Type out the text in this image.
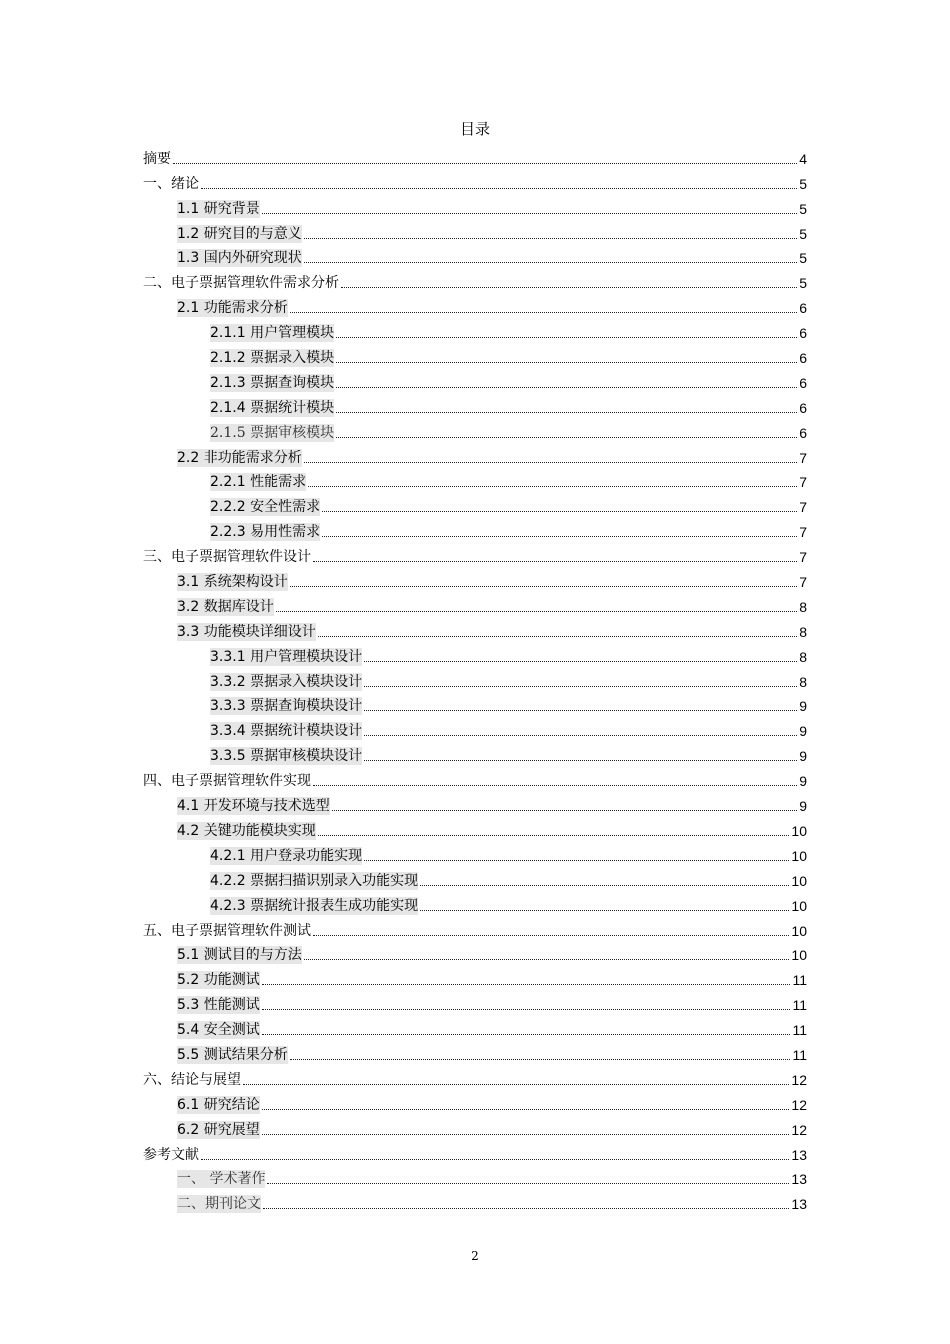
目录
摘要	4
一、绪论	5
1.1 研究背景	5
1.2 研究目的与意义	5
1.3 国内外研究现状	5
二、电子票据管理软件需求分析	5
2.1 功能需求分析	6
2.1.1 用户管理模块	6
2.1.2 票据录入模块	6
2.1.3 票据查询模块	6
2.1.4 票据统计模块	6
2.1.5 票据审核模块	6
2.2 非功能需求分析	7
2.2.1 性能需求	7
2.2.2 安全性需求	7
2.2.3 易用性需求	7
三、电子票据管理软件设计	7
3.1 系统架构设计	7
3.2 数据库设计	8
3.3 功能模块详细设计	8
3.3.1 用户管理模块设计	8
3.3.2 票据录入模块设计	8
3.3.3 票据查询模块设计	9
3.3.4 票据统计模块设计	9
3.3.5 票据审核模块设计	9
四、电子票据管理软件实现	9
4.1 开发环境与技术选型	9
4.2 关键功能模块实现	10
4.2.1 用户登录功能实现	10
4.2.2 票据扫描识别录入功能实现	10
4.2.3 票据统计报表生成功能实现	10
五、电子票据管理软件测试	10
5.1 测试目的与方法	10
5.2 功能测试	11
5.3 性能测试	11
5.4 安全测试	11
5.5 测试结果分析	11
六、结论与展望	12
6.1 研究结论	12
6.2 研究展望	12
参考文献	13
一、 学术著作	13
二、期刊论文	13
2
